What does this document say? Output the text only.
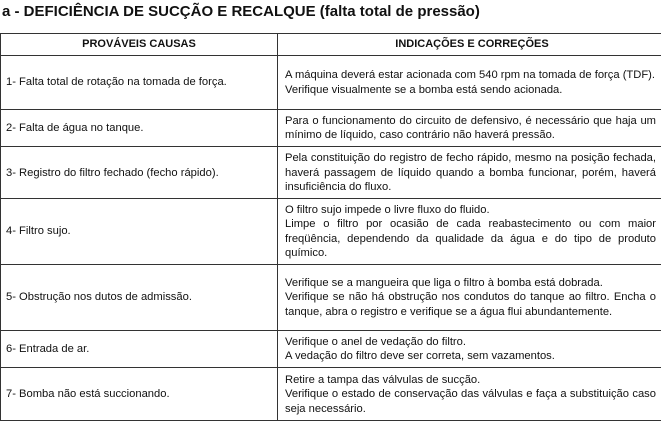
a - DEFICIÊNCIA DE SUCÇÃO E RECALQUE (falta total de pressão)
PROVÁVEIS CAUSAS	INDICAÇÕES E CORREÇÕES
1- Falta total de rotação na tomada de força.	A máquina deverá estar acionada com 540 rpm na tomada de força (TDF).
Verifique visualmente se a bomba está sendo acionada.

2- Falta de água no tanque.	Para o funcionamento do circuito de defensivo, é necessário que haja um mínimo de líquido, caso contrário não haverá pressão.

3- Registro do filtro fechado (fecho rápido).	Pela constituição do registro de fecho rápido, mesmo na posição fechada, haverá passagem de líquido quando a bomba funcionar, porém, haverá insuficiência do fluxo.

4- Filtro sujo.	O filtro sujo impede o livre fluxo do fluido.
Limpe o filtro por ocasião de cada reabastecimento ou com maior freqüência, dependendo da qualidade da água e do tipo de produto químico.

5- Obstrução nos dutos de admissão.	Verifique se a mangueira que liga o filtro à bomba está dobrada.
Verifique se não há obstrução nos condutos do tanque ao filtro. Encha o tanque, abra o registro e verifique se a água flui abundantemente.

6- Entrada de ar.	Verifique o anel de vedação do filtro.
A vedação do filtro deve ser correta, sem vazamentos.

7- Bomba não está succionando.	Retire a tampa das válvulas de sucção.
Verifique o estado de conservação das válvulas e faça a substituição caso seja necessário.
